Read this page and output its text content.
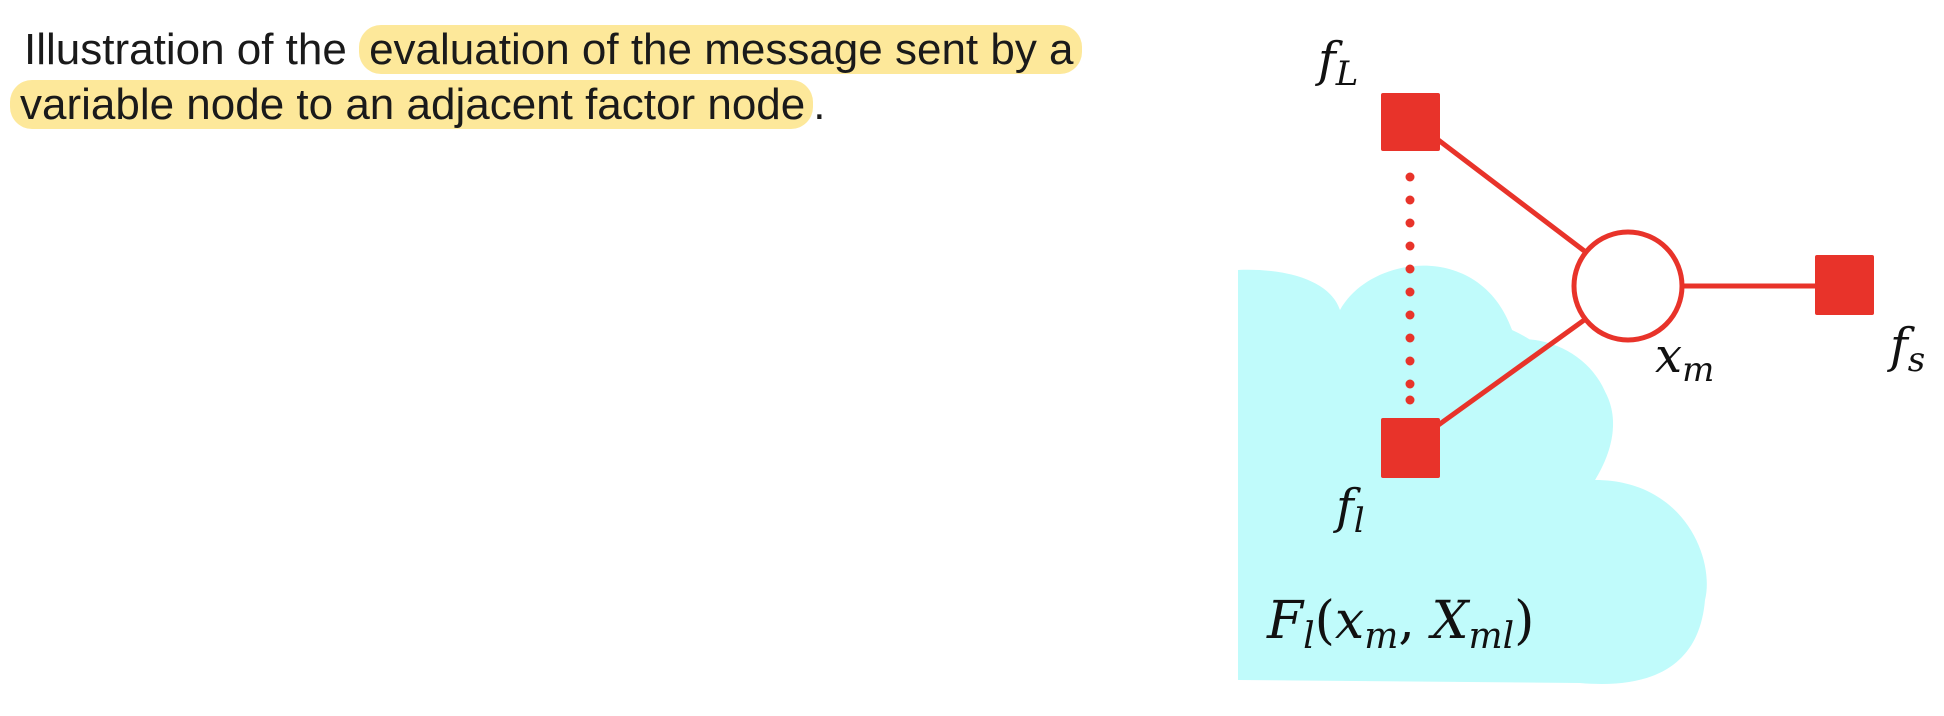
Illustration of the evaluation of the message sent by a
variable node to an adjacent factor node .
fL
fl
fs
xm
Fl(xm, Xml)
